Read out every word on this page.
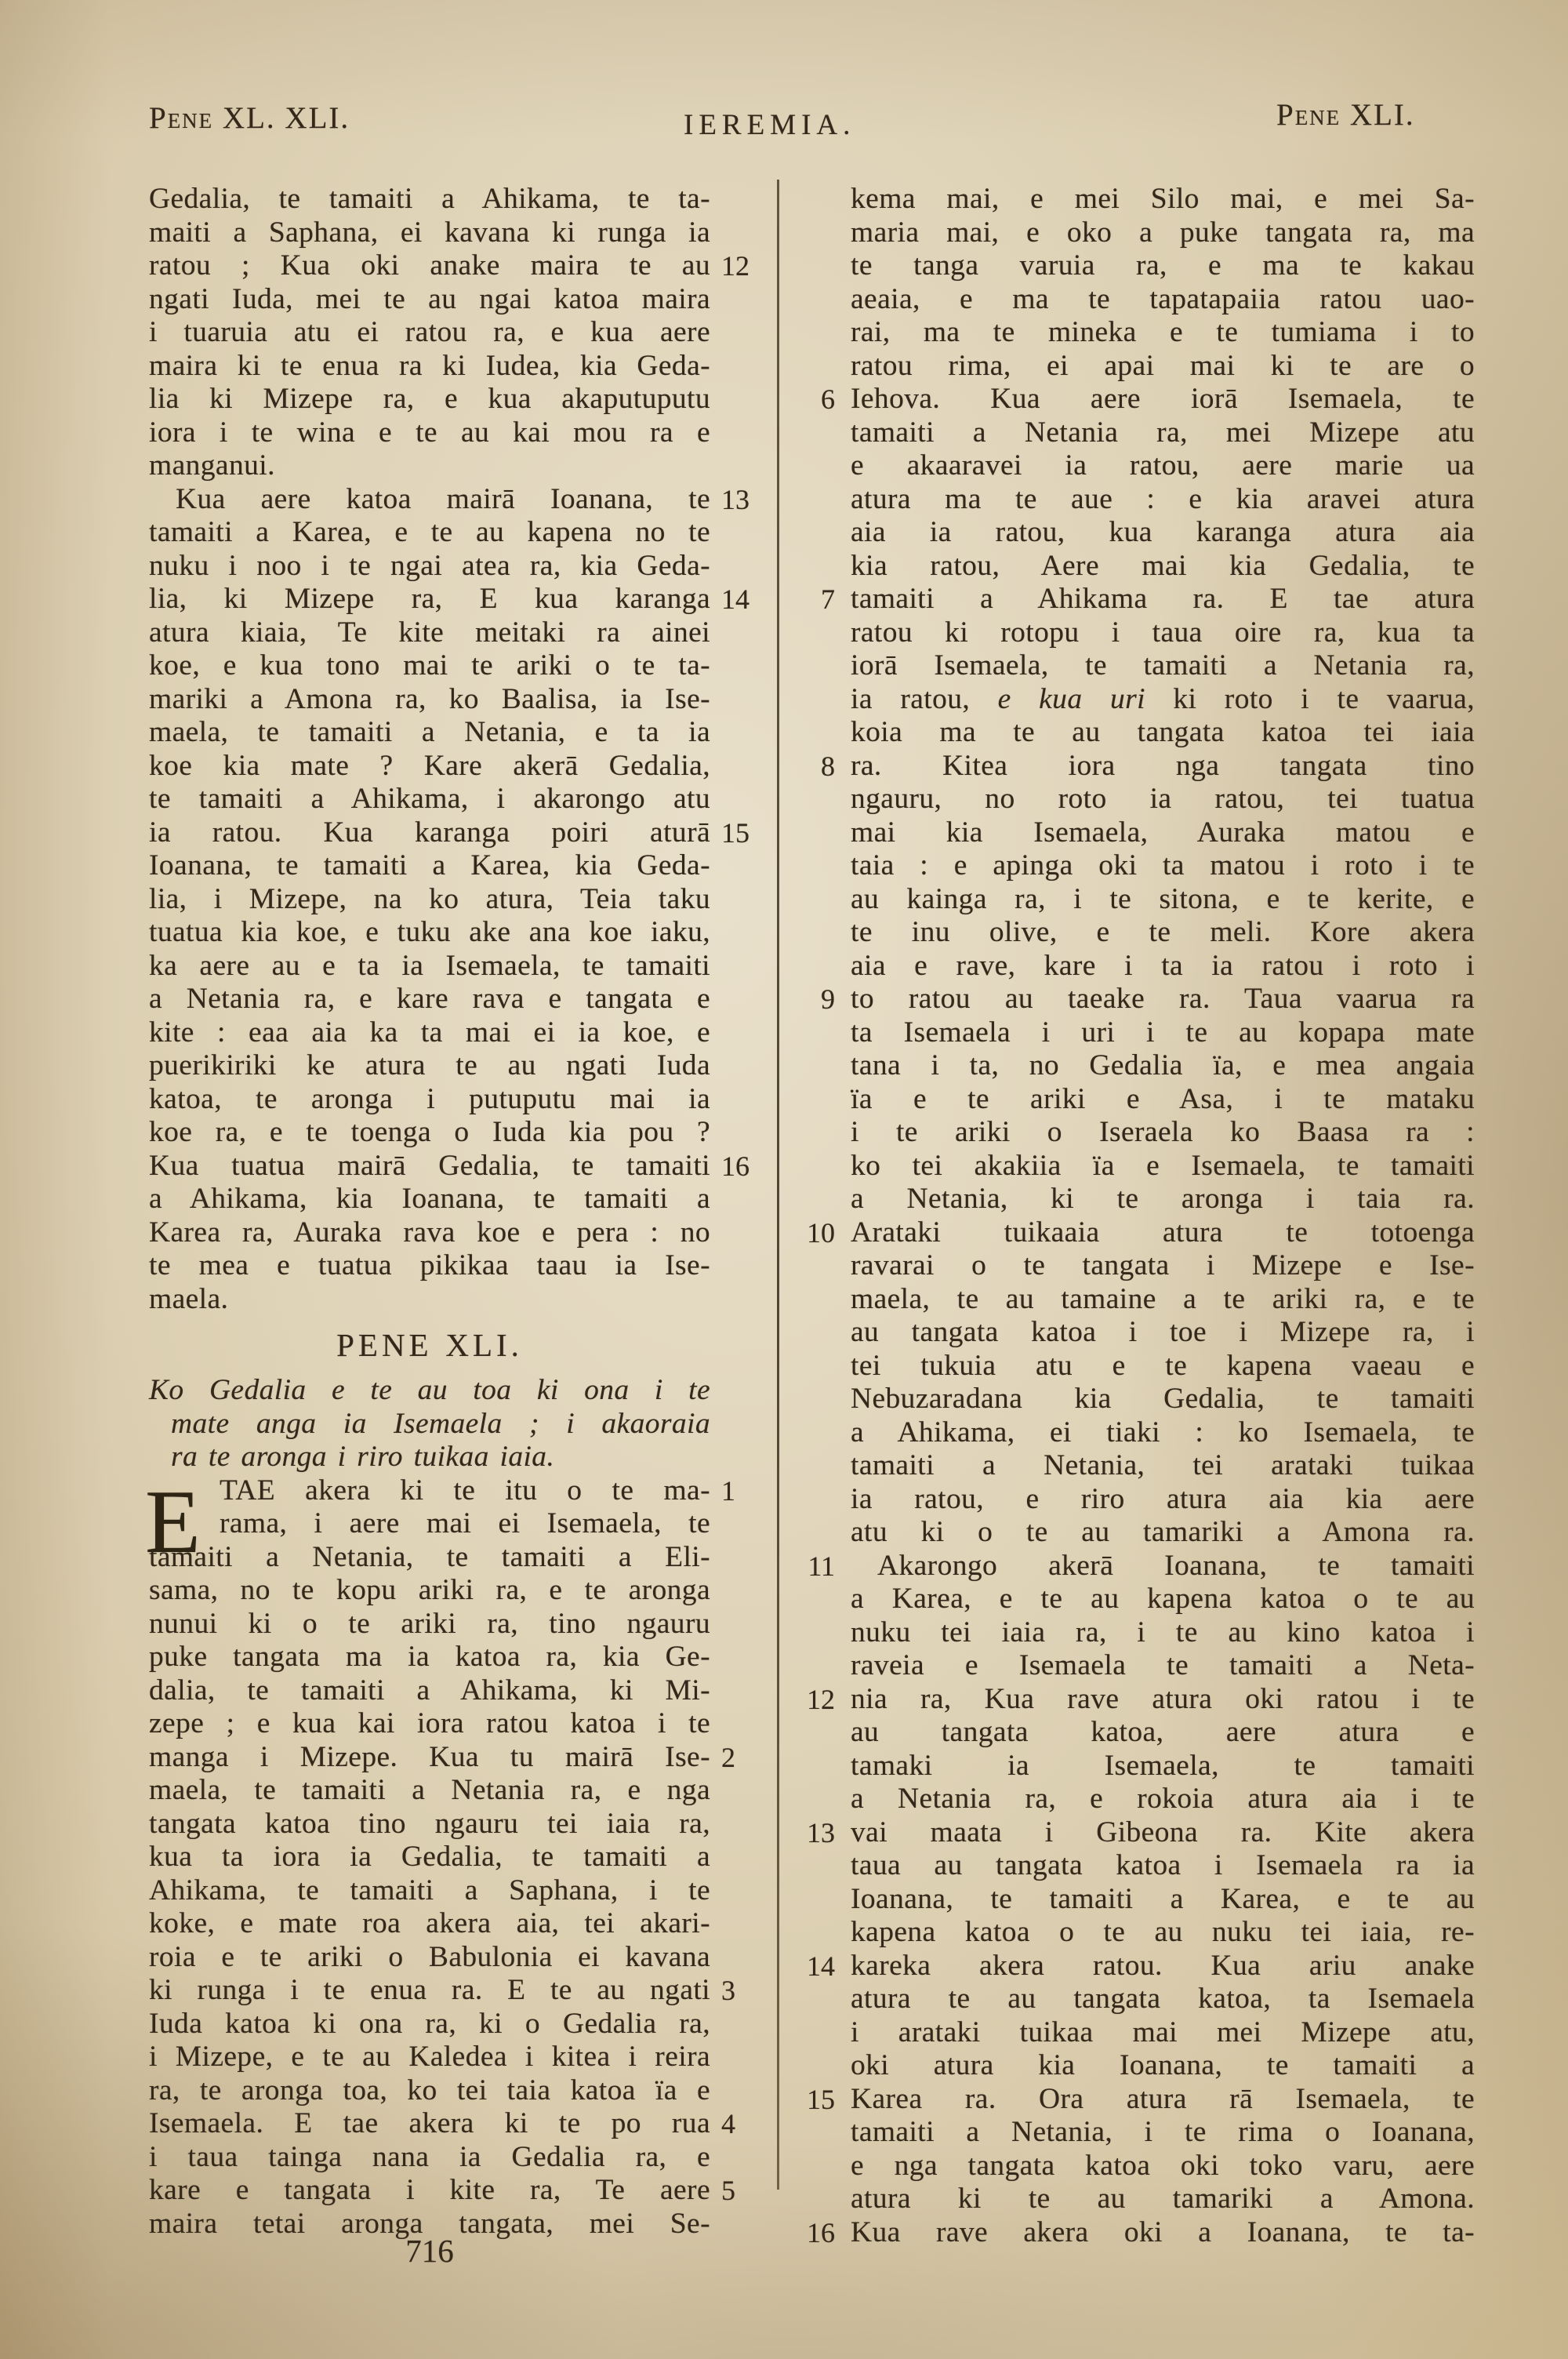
Pene XL. XLI.	IEREMIA.	Pene XLI.
Gedalia, te tamaiti a Ahikama, te ta-
maiti a Saphana, ei kavana ki runga ia
12
ratou ; Kua oki anake maira te au
ngati Iuda, mei te au ngai katoa maira
i tuaruia atu ei ratou ra, e kua aere
maira ki te enua ra ki Iudea, kia Geda-
lia ki Mizepe ra, e kua akaputuputu
iora i te wina e te au kai mou ra e
manganui.
13
Kua aere katoa mairā Ioanana, te
tamaiti a Karea, e te au kapena no te
nuku i noo i te ngai atea ra, kia Geda-
14
lia, ki Mizepe ra, E kua karanga
atura kiaia, Te kite meitaki ra ainei
koe, e kua tono mai te ariki o te ta-
mariki a Amona ra, ko Baalisa, ia Ise-
maela, te tamaiti a Netania, e ta ia
koe kia mate ? Kare akerā Gedalia,
te tamaiti a Ahikama, i akarongo atu
15
ia ratou. Kua karanga poiri aturā
Ioanana, te tamaiti a Karea, kia Geda-
lia, i Mizepe, na ko atura, Teia taku
tuatua kia koe, e tuku ake ana koe iaku,
ka aere au e ta ia Isemaela, te tamaiti
a Netania ra, e kare rava e tangata e
kite : eaa aia ka ta mai ei ia koe, e
puerikiriki ke atura te au ngati Iuda
katoa, te aronga i putuputu mai ia
koe ra, e te toenga o Iuda kia pou ?
16
Kua tuatua mairā Gedalia, te tamaiti
a Ahikama, kia Ioanana, te tamaiti a
Karea ra, Auraka rava koe e pera : no
te mea e tuatua pikikaa taau ia Ise-
maela.
PENE XLI.
Ko Gedalia e te au toa ki ona i te
mate anga ia Isemaela ; i akaoraia
ra te aronga i riro tuikaa iaia.
1
E TAE akera ki te itu o te ma-
rama, i aere mai ei Isemaela, te
tamaiti a Netania, te tamaiti a Eli-
sama, no te kopu ariki ra, e te aronga
nunui ki o te ariki ra, tino ngauru
puke tangata ma ia katoa ra, kia Ge-
dalia, te tamaiti a Ahikama, ki Mi-
zepe ; e kua kai iora ratou katoa i te
2
manga i Mizepe. Kua tu mairā Ise-
maela, te tamaiti a Netania ra, e nga
tangata katoa tino ngauru tei iaia ra,
kua ta iora ia Gedalia, te tamaiti a
Ahikama, te tamaiti a Saphana, i te
koke, e mate roa akera aia, tei akari-
roia e te ariki o Babulonia ei kavana
3
ki runga i te enua ra. E te au ngati
Iuda katoa ki ona ra, ki o Gedalia ra,
i Mizepe, e te au Kaledea i kitea i reira
ra, te aronga toa, ko tei taia katoa ïa e
4
Isemaela. E tae akera ki te po rua
i taua tainga nana ia Gedalia ra, e
5
kare e tangata i kite ra, Te aere
maira tetai aronga tangata, mei Se-
kema mai, e mei Silo mai, e mei Sa-
maria mai, e oko a puke tangata ra, ma
te tanga varuia ra, e ma te kakau
aeaia, e ma te tapatapaiia ratou uao-
rai, ma te mineka e te tumiama i to
ratou rima, ei apai mai ki te are o
6 Iehova. Kua aere iorā Isemaela, te
tamaiti a Netania ra, mei Mizepe atu
e akaaravei ia ratou, aere marie ua
atura ma te aue : e kia aravei atura
aia ia ratou, kua karanga atura aia
kia ratou, Aere mai kia Gedalia, te
7 tamaiti a Ahikama ra. E tae atura
ratou ki rotopu i taua oire ra, kua ta
iorā Isemaela, te tamaiti a Netania ra,
ia ratou, e kua uri ki roto i te vaarua,
koia ma te au tangata katoa tei iaia
8 ra. Kitea iora nga tangata tino
ngauru, no roto ia ratou, tei tuatua
mai kia Isemaela, Auraka matou e
taia : e apinga oki ta matou i roto i te
au kainga ra, i te sitona, e te kerite, e
te inu olive, e te meli. Kore akera
aia e rave, kare i ta ia ratou i roto i
9 to ratou au taeake ra. Taua vaarua ra
ta Isemaela i uri i te au kopapa mate
tana i ta, no Gedalia ïa, e mea angaia
ïa e te ariki e Asa, i te mataku
i te ariki o Iseraela ko Baasa ra :
ko tei akakiia ïa e Isemaela, te tamaiti
a Netania, ki te aronga i taia ra.
10 Arataki tuikaaia atura te totoenga
ravarai o te tangata i Mizepe e Ise-
maela, te au tamaine a te ariki ra, e te
au tangata katoa i toe i Mizepe ra, i
tei tukuia atu e te kapena vaeau e
Nebuzaradana kia Gedalia, te tamaiti
a Ahikama, ei tiaki : ko Isemaela, te
tamaiti a Netania, tei arataki tuikaa
ia ratou, e riro atura aia kia aere
atu ki o te au tamariki a Amona ra.
11	Akarongo akerā Ioanana, te tamaiti
a Karea, e te au kapena katoa o te au
nuku tei iaia ra, i te au kino katoa i
raveia e Isemaela te tamaiti a Neta-
12 nia ra, Kua rave atura oki ratou i te
au tangata katoa, aere atura e
tamaki ia Isemaela, te tamaiti
a Netania ra, e rokoia atura aia i te
13 vai maata i Gibeona ra. Kite akera
taua au tangata katoa i Isemaela ra ia
Ioanana, te tamaiti a Karea, e te au
kapena katoa o te au nuku tei iaia, re-
14 kareka akera ratou. Kua ariu anake
atura te au tangata katoa, ta Isemaela
i arataki tuikaa mai mei Mizepe atu,
oki atura kia Ioanana, te tamaiti a
15 Karea ra. Ora atura rā Isemaela, te
tamaiti a Netania, i te rima o Ioanana,
e nga tangata katoa oki toko varu, aere
atura ki te au tamariki a Amona.
16 Kua rave akera oki a Ioanana, te ta-
716
